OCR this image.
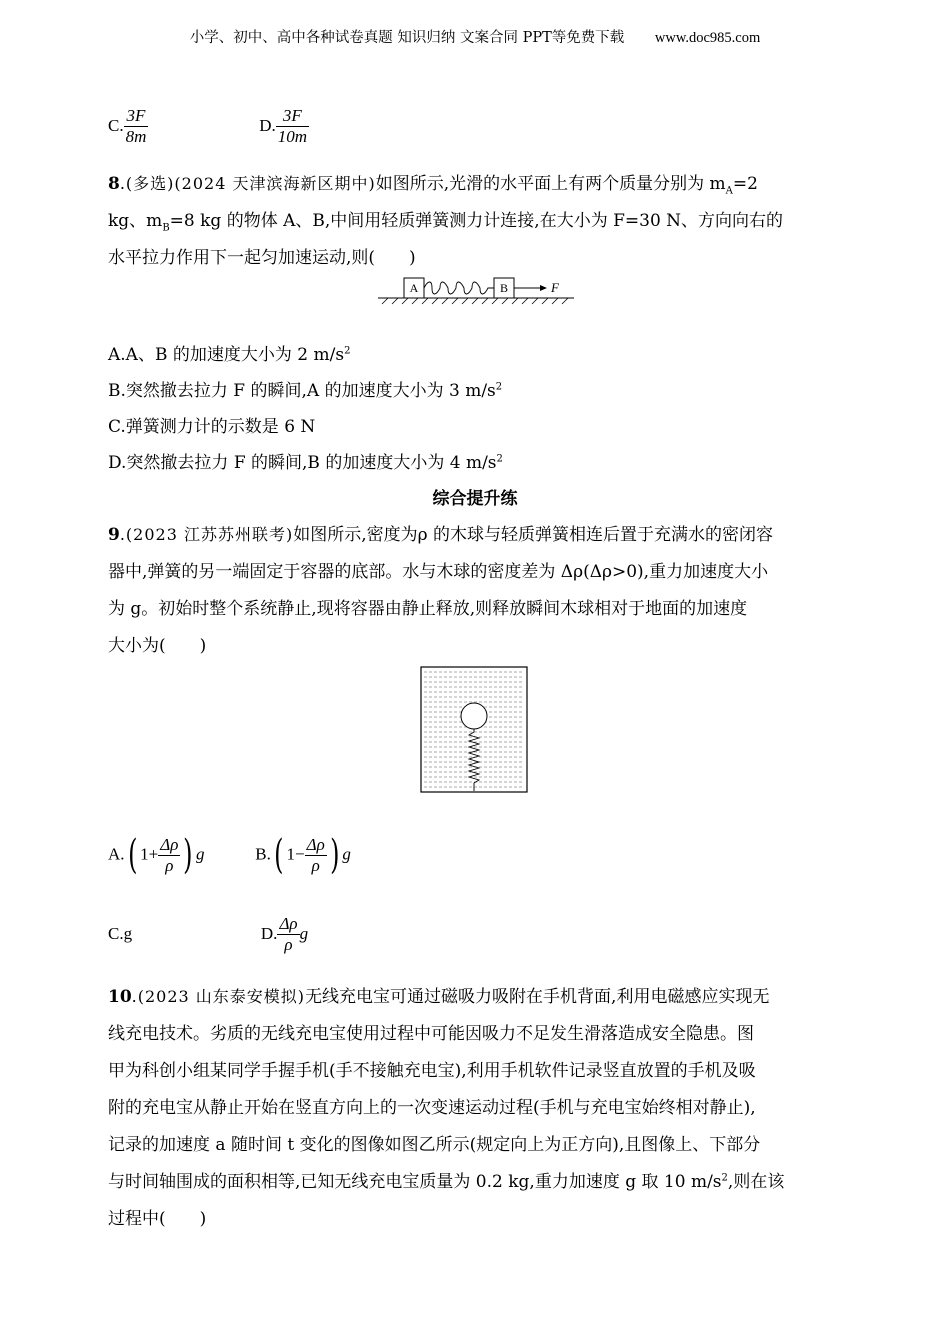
小学、初中、高中各种试卷真题 知识归纳 文案合同 PPT等免费下载 www.doc985.com
C. $\frac{3F}{8m}$	D. $\frac{3F}{10m}$
8.(多选)(2024 天津滨海新区期中)如图所示,光滑的水平面上有两个质量分别为 $m_A=2$
kg、$m_B=8$ kg 的物体 A、B,中间用轻质弹簧测力计连接,在大小为 F=30 N、方向向右的
水平拉力作用下一起匀加速运动,则(　　)
A	B	F
A.A、B 的加速度大小为 2 $m/s^2$
B.突然撤去拉力 F 的瞬间,A 的加速度大小为 3 $m/s^2$
C.弹簧测力计的示数是 6 N
D.突然撤去拉力 F 的瞬间,B 的加速度大小为 4 $m/s^2$
综合提升练
9.(2023 江苏苏州联考)如图所示,密度为ρ 的木球与轻质弹簧相连后置于充满水的密闭容
器中,弹簧的另一端固定于容器的底部。水与木球的密度差为 Δρ(Δρ>0),重力加速度大小
为 g。初始时整个系统静止,现将容器由静止释放,则释放瞬间木球相对于地面的加速度
大小为(　　)
A.( $1+ \frac{\Delta\rho}{\rho}$ ) g	B.( $1- \frac{\Delta\rho}{\rho}$ ) g
C.g	D. $\frac{\Delta\rho}{\rho}$ g
10.(2023 山东泰安模拟)无线充电宝可通过磁吸力吸附在手机背面,利用电磁感应实现无
线充电技术。劣质的无线充电宝使用过程中可能因吸力不足发生滑落造成安全隐患。图
甲为科创小组某同学手握手机(手不接触充电宝),利用手机软件记录竖直放置的手机及吸
附的充电宝从静止开始在竖直方向上的一次变速运动过程(手机与充电宝始终相对静止),
记录的加速度 a 随时间 t 变化的图像如图乙所示(规定向上为正方向),且图像上、下部分
与时间轴围成的面积相等,已知无线充电宝质量为 0.2 kg,重力加速度 g 取 10 $m/s^2$,则在该
过程中(　　)
